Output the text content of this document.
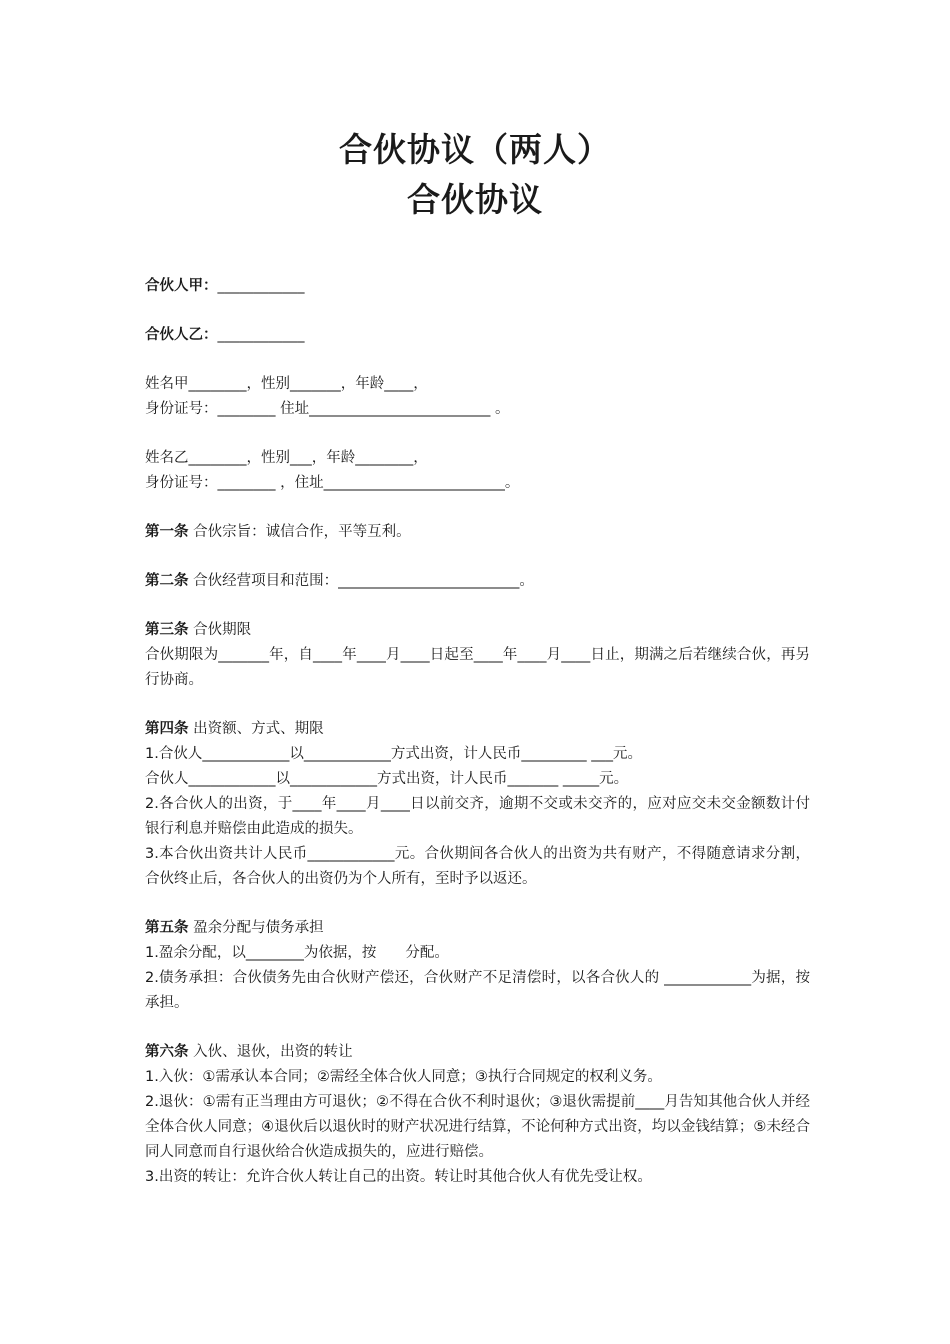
合伙协议（两人）
合伙协议
合伙人甲：____________
合伙人乙：____________
姓名甲________，性别_______，年龄____，
身份证号：________ 住址_________________________ 。
姓名乙________，性别___，年龄________，
身份证号：________ ，住址_________________________。
第一条 合伙宗旨：诚信合作，平等互利。
第二条 合伙经营项目和范围：_________________________。
第三条 合伙期限
合伙期限为_______年，自____年____月____日起至____年____月____日止，期满之后若继续合伙，再另行协商。
第四条 出资额、方式、期限
1.合伙人____________以____________方式出资，计人民币_________ ___元。
合伙人____________以____________方式出资，计人民币_______ _____元。
2.各合伙人的出资，于____年____月____日以前交齐，逾期不交或未交齐的，应对应交未交金额数计付银行利息并赔偿由此造成的损失。
3.本合伙出资共计人民币____________元。合伙期间各合伙人的出资为共有财产，不得随意请求分割，合伙终止后，各合伙人的出资仍为个人所有，至时予以返还。
第五条 盈余分配与债务承担
1.盈余分配，以________为依据，按　　分配。
2.债务承担：合伙债务先由合伙财产偿还，合伙财产不足清偿时，以各合伙人的 ____________为据，按　　承担。
第六条 入伙、退伙，出资的转让
1.入伙：①需承认本合同；②需经全体合伙人同意；③执行合同规定的权利义务。
2.退伙：①需有正当理由方可退伙；②不得在合伙不利时退伙；③退伙需提前____月告知其他合伙人并经全体合伙人同意；④退伙后以退伙时的财产状况进行结算，不论何种方式出资，均以金钱结算；⑤未经合同人同意而自行退伙给合伙造成损失的，应进行赔偿。
3.出资的转让：允许合伙人转让自己的出资。转让时其他合伙人有优先受让权。
